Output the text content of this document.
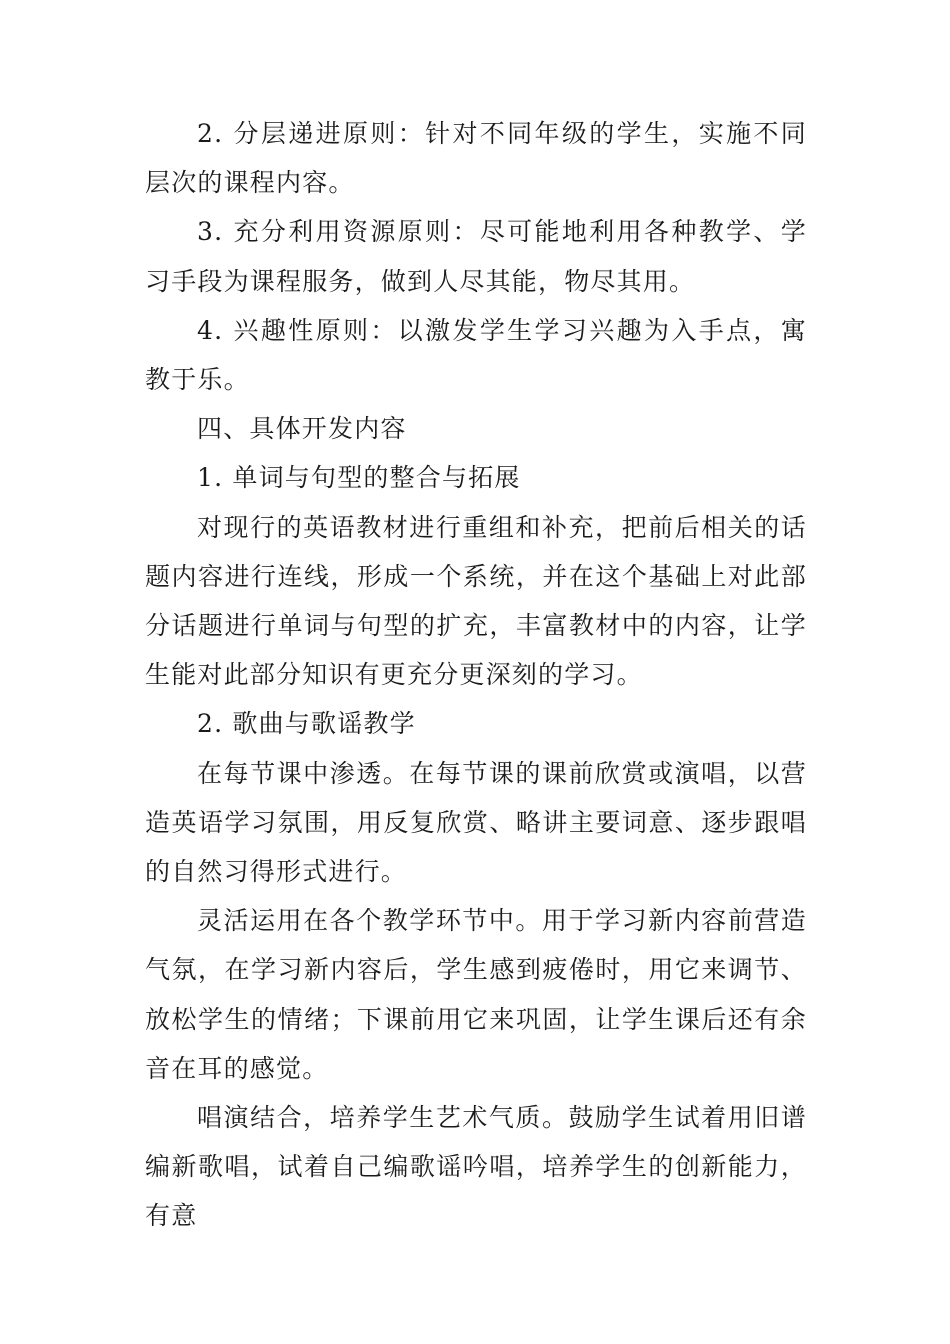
2. 分层递进原则：针对不同年级的学生，实施不同层次的课程内容。

3. 充分利用资源原则：尽可能地利用各种教学、学习手段为课程服务，做到人尽其能，物尽其用。

4. 兴趣性原则：以激发学生学习兴趣为入手点，寓教于乐。

四、具体开发内容

1. 单词与句型的整合与拓展

对现行的英语教材进行重组和补充，把前后相关的话题内容进行连线，形成一个系统，并在这个基础上对此部分话题进行单词与句型的扩充，丰富教材中的内容，让学生能对此部分知识有更充分更深刻的学习。

2. 歌曲与歌谣教学

在每节课中渗透。在每节课的课前欣赏或演唱，以营造英语学习氛围，用反复欣赏、略讲主要词意、逐步跟唱的自然习得形式进行。

灵活运用在各个教学环节中。用于学习新内容前营造气氛，在学习新内容后，学生感到疲倦时，用它来调节、放松学生的情绪；下课前用它来巩固，让学生课后还有余音在耳的感觉。

唱演结合，培养学生艺术气质。鼓励学生试着用旧谱编新歌唱，试着自己编歌谣吟唱，培养学生的创新能力，有意
